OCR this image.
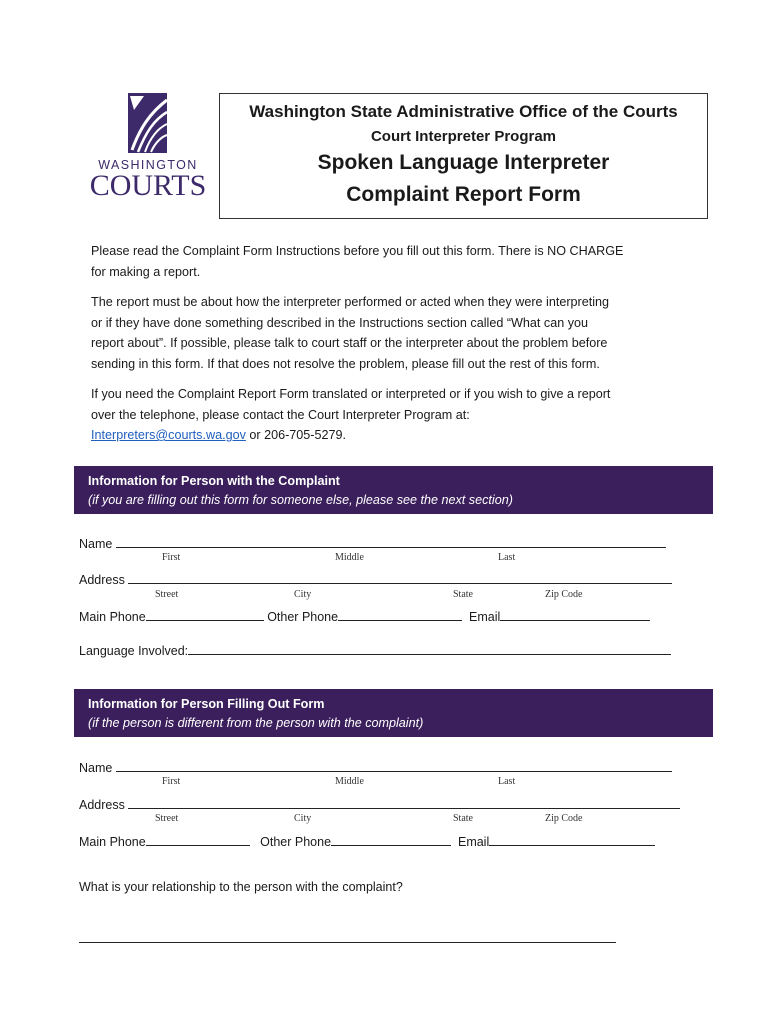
WASHINGTON
COURTS
Washington State Administrative Office of the Courts
Court Interpreter Program
Spoken Language Interpreter
Complaint Report Form
Please read the Complaint Form Instructions before you fill out this form. There is NO CHARGE
for making a report.
The report must be about how the interpreter performed or acted when they were interpreting
or if they have done something described in the Instructions section called “What can you
report about”. If possible, please talk to court staff or the interpreter about the problem before
sending in this form. If that does not resolve the problem, please fill out the rest of this form.
If you need the Complaint Report Form translated or interpreted or if you wish to give a report
over the telephone, please contact the Court Interpreter Program at:
Interpreters@courts.wa.gov or 206-705-5279.
Information for Person with the Complaint
(if you are filling out this form for someone else, please see the next section)
Name
First	Middle	Last
Address
Street	City	State	Zip Code
Main Phone	Other Phone	Email
Language Involved:
Information for Person Filling Out Form
(if the person is different from the person with the complaint)
Name
First	Middle	Last
Address
Street	City	State	Zip Code
Main Phone	Other Phone	Email
What is your relationship to the person with the complaint?
